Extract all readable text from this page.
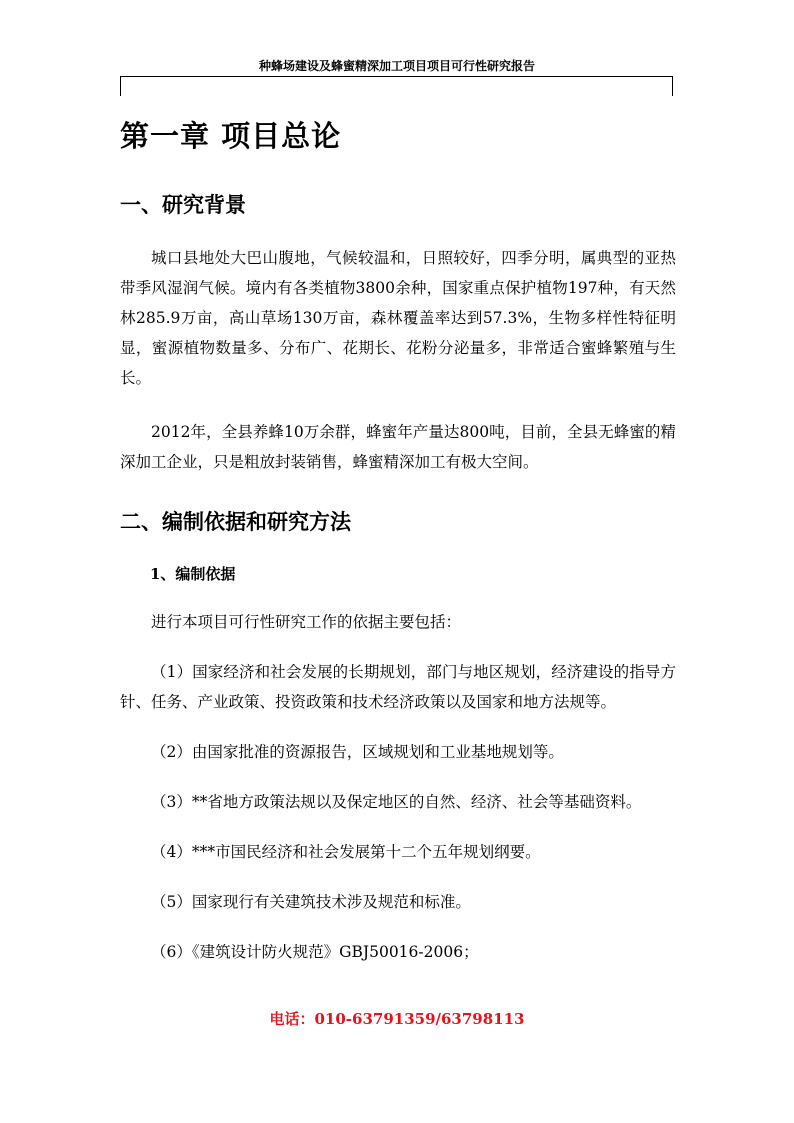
种蜂场建设及蜂蜜精深加工项目项目可行性研究报告
第一章 项目总论
一、研究背景

城口县地处大巴山腹地，气候较温和，日照较好，四季分明，属典型的亚热带季风湿润气候。境内有各类植物3800余种，国家重点保护植物197种，有天然林285.9万亩，高山草场130万亩，森林覆盖率达到57.3%，生物多样性特征明显，蜜源植物数量多、分布广、花期长、花粉分泌量多，非常适合蜜蜂繁殖与生长。

2012年，全县养蜂10万余群，蜂蜜年产量达800吨，目前，全县无蜂蜜的精深加工企业，只是粗放封装销售，蜂蜜精深加工有极大空间。

二、编制依据和研究方法
1、编制依据

进行本项目可行性研究工作的依据主要包括：

（1）国家经济和社会发展的长期规划，部门与地区规划，经济建设的指导方针、任务、产业政策、投资政策和技术经济政策以及国家和地方法规等。

（2）由国家批准的资源报告，区域规划和工业基地规划等。

（3）**省地方政策法规以及保定地区的自然、经济、社会等基础资料。

（4）***市国民经济和社会发展第十二个五年规划纲要。

（5）国家现行有关建筑技术涉及规范和标准。

（6）《建筑设计防火规范》GBJ50016-2006；

电话：010-63791359/63798113
